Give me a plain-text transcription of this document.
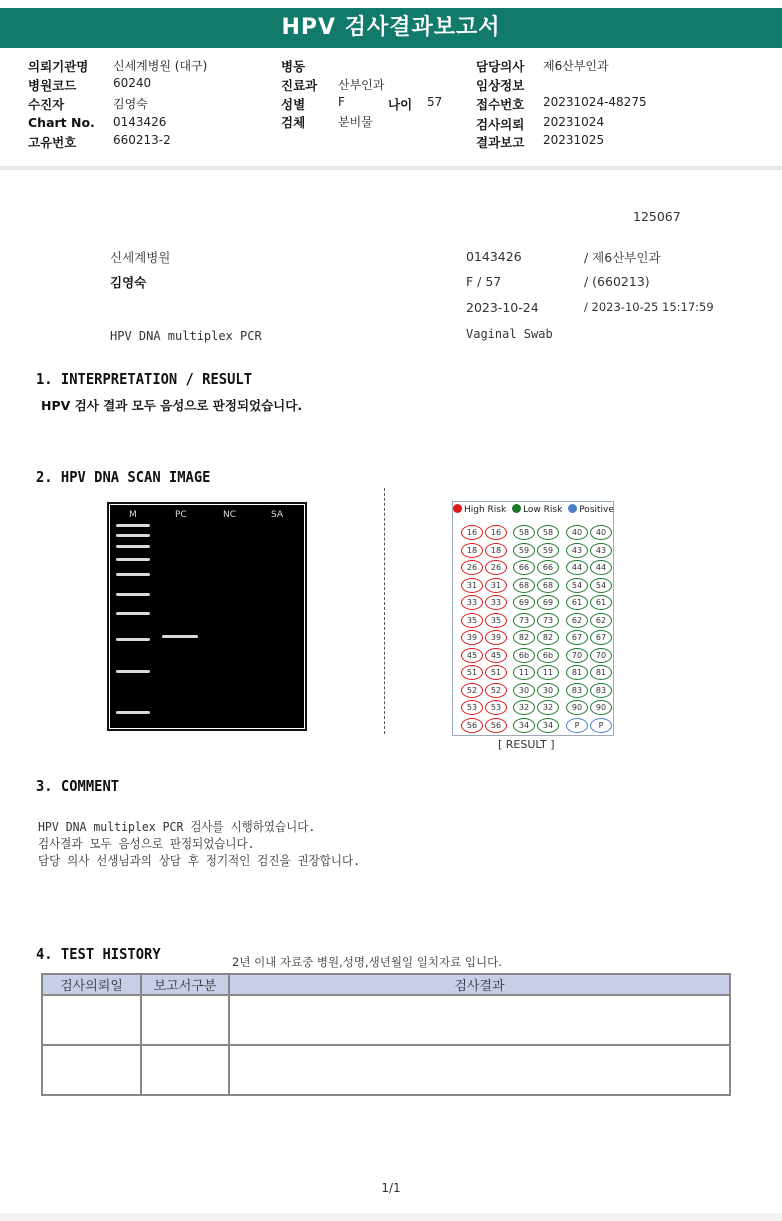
HPV 검사결과보고서
의뢰기관명 신세계병원 (대구)
병원코드	60240
수진자	김영숙
Chart No. 0143426
고유번호	660213-2
병동
진료과 산부인과
성별	F	나이 57
검체	분비물
담당의사 제6산부인과
임상정보
접수번호 20231024-48275
검사의뢰 20231024
결과보고 20231025
125067
신세계병원
김영숙
0143426	/ 제6산부인과
F / 57	/ (660213)
2023-10-24	/ 2023-10-25 15:17:59
HPV DNA multiplex PCR	Vaginal Swab
1. INTERPRETATION / RESULT
HPV 검사 결과 모두 음성으로 판정되었습니다.
2. HPV DNA SCAN IMAGE
M	PC	NC	SA	High Risk Low Risk Positive
16	16	58	58	40	40
18	18	59	59	43	43
26	26	66	66	44	44
31	31	68	68	54	54
33	33	69	69	61	61
35	35	73	73	62	62
39	39	82	82	67	67
45	45	6b	6b	70	70
51	51	11	11	81	81
52	52	30	30	83	83
53	53	32	32	90	90
56	56	34	34	P	P
[ RESULT ]
3. COMMENT
HPV DNA multiplex PCR 검사를 시행하였습니다.
검사결과 모두 음성으로 판정되었습니다.
담당 의사 선생님과의 상담 후 정기적인 검진을 권장합니다.
4. TEST HISTORY	2년 이내 자료중 병원,성명,생년월일 일치자료 입니다.
검사의뢰일	보고서구분	검사결과

1/1
